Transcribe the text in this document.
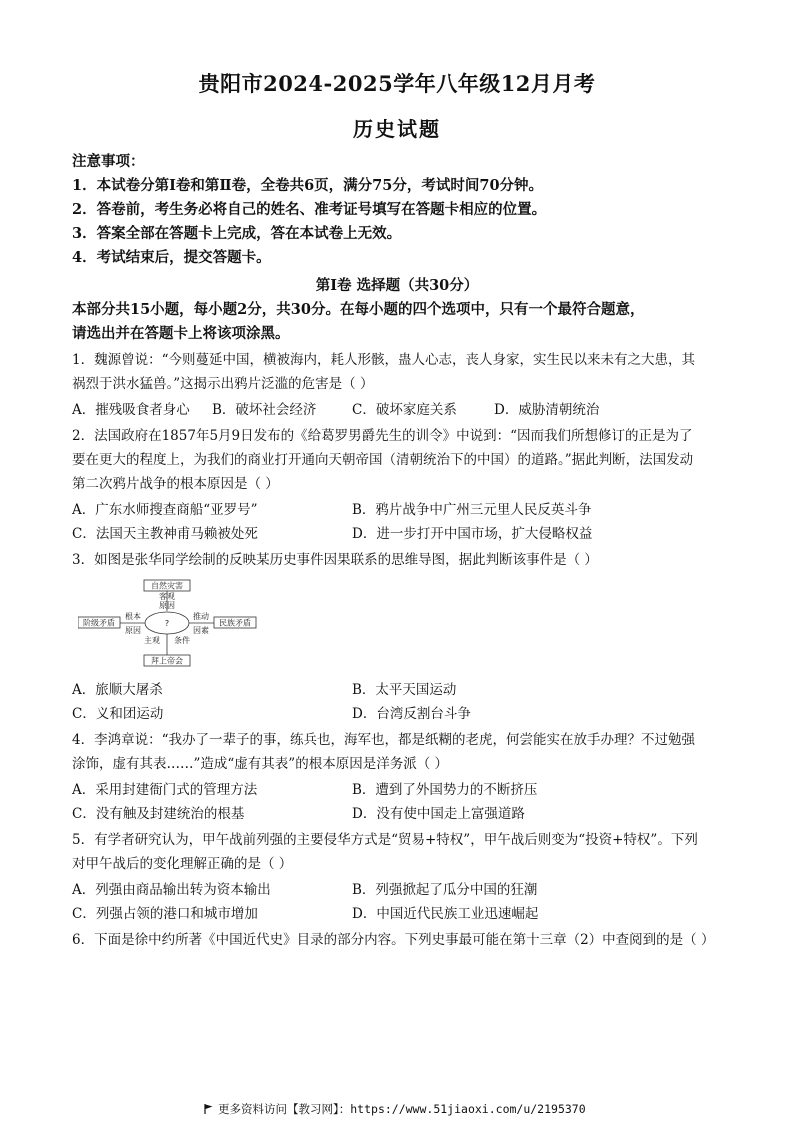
贵阳市2024-2025学年八年级12月月考
历史试题
注意事项：
1．本试卷分第Ⅰ卷和第Ⅱ卷，全卷共6页，满分75分，考试时间70分钟。
2．答卷前，考生务必将自己的姓名、准考证号填写在答题卡相应的位置。
3．答案全部在答题卡上完成，答在本试卷上无效。
4．考试结束后，提交答题卡。
第Ⅰ卷 选择题（共30分）
本部分共15小题，每小题2分，共30分。在每小题的四个选项中，只有一个最符合题意，
请选出并在答题卡上将该项涂黑。
1．魏源曾说：“今则蔓延中国，横被海内，耗人形骸，蛊人心志，丧人身家，实生民以来未有之大患，其
祸烈于洪水猛兽。”这揭示出鸦片泛滥的危害是（ ）
A．摧残吸食者身心 B．破坏社会经济	C．破坏家庭关系	D．威胁清朝统治
2．法国政府在1857年5月9日发布的《给葛罗男爵先生的训令》中说到：“因而我们所想修订的正是为了
要在更大的程度上，为我们的商业打开通向天朝帝国（清朝统治下的中国）的道路。”据此判断，法国发动
第二次鸦片战争的根本原因是（ ）
A．广东水师搜查商船“亚罗号”	B．鸦片战争中广州三元里人民反英斗争
C．法国天主教神甫马赖被处死	D．进一步打开中国市场，扩大侵略权益
3．如图是张华同学绘制的反映某历史事件因果联系的思维导图，据此判断该事件是（ ）
自然灾害
客观
原因
?
阶级矛盾
根本
原因
民族矛盾
推动
因素
主观 条件
拜上帝会
A．旅顺大屠杀	B．太平天国运动
C．义和团运动	D．台湾反割台斗争
4．李鸿章说：“我办了一辈子的事，练兵也，海军也，都是纸糊的老虎，何尝能实在放手办理？不过勉强
涂饰，虚有其表……”造成“虚有其表”的根本原因是洋务派（ ）
A．采用封建衙门式的管理方法	B．遭到了外国势力的不断挤压
C．没有触及封建统治的根基	D．没有使中国走上富强道路
5．有学者研究认为，甲午战前列强的主要侵华方式是“贸易+特权”，甲午战后则变为“投资+特权”。下列
对甲午战后的变化理解正确的是（ ）
A．列强由商品输出转为资本输出	B．列强掀起了瓜分中国的狂潮
C．列强占领的港口和城市增加	D．中国近代民族工业迅速崛起
6．下面是徐中约所著《中国近代史》目录的部分内容。下列史事最可能在第十三章（2）中查阅到的是（ ）
更多资料访问【教习网】：https://www.51jiaoxi.com/u/2195370
